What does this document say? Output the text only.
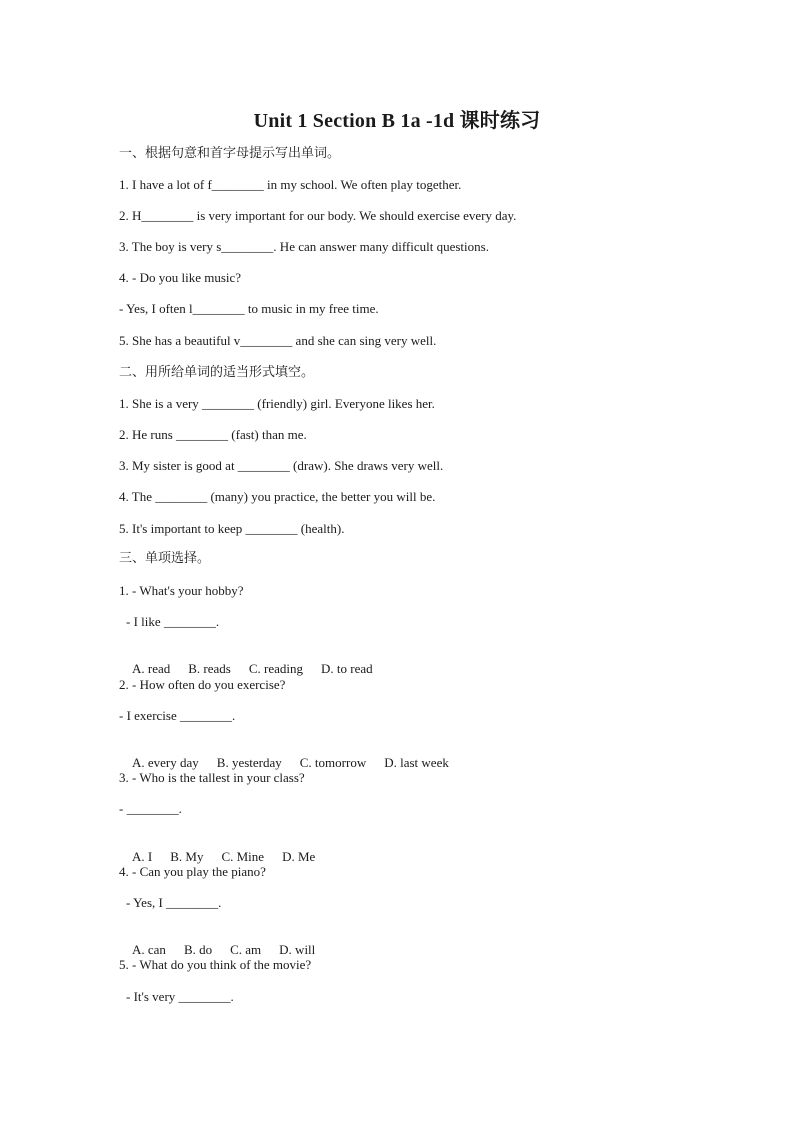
Unit 1 Section B 1a -1d 课时练习
一、根据句意和首字母提示写出单词。
1. I have a lot of f________ in my school. We often play together.
2. H________ is very important for our body. We should exercise every day.
3. The boy is very s________. He can answer many difficult questions.
4. - Do you like music?
- Yes, I often l________ to music in my free time.
5. She has a beautiful v________ and she can sing very well.
二、用所给单词的适当形式填空。
1. She is a very ________ (friendly) girl. Everyone likes her.
2. He runs ________ (fast) than me.
3. My sister is good at ________ (draw). She draws very well.
4. The ________ (many) you practice, the better you will be.
5. It's important to keep ________ (health).
三、单项选择。
1. - What's your hobby?
- I like ________.

A. read B. reads C. reading D. to read

2. - How often do you exercise?
- I exercise ________.

A. every day B. yesterday C. tomorrow D. last week

3. - Who is the tallest in your class?
- ________.

A. I B. My C. Mine D. Me

4. - Can you play the piano?
- Yes, I ________.

A. can B. do C. am D. will

5. - What do you think of the movie?
- It's very ________.
